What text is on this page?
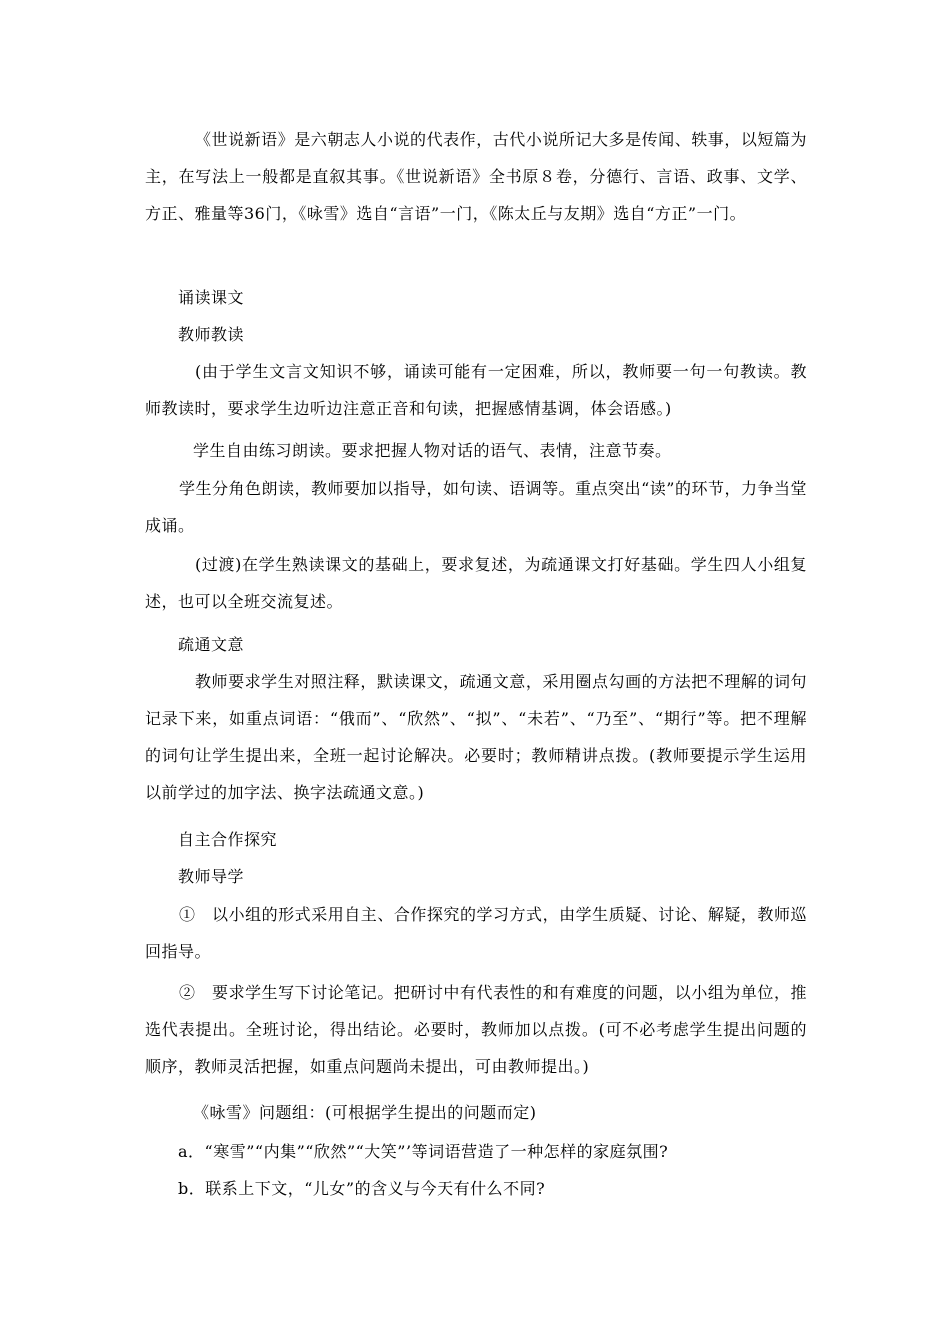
《世说新语》是六朝志人小说的代表作，古代小说所记大多是传闻、轶事，以短篇为主，在写法上一般都是直叙其事。《世说新语》全书原８卷，分德行、言语、政事、文学、方正、雅量等36门，《咏雪》选自“言语”一门，《陈太丘与友期》选自“方正”一门。

诵读课文

教师教读

(由于学生文言文知识不够，诵读可能有一定困难，所以，教师要一句一句教读。教师教读时，要求学生边听边注意正音和句读，把握感情基调，体会语感。)

学生自由练习朗读。要求把握人物对话的语气、表情，注意节奏。

学生分角色朗读，教师要加以指导，如句读、语调等。重点突出“读”的环节，力争当堂成诵。

(过渡)在学生熟读课文的基础上，要求复述，为疏通课文打好基础。学生四人小组复述，也可以全班交流复述。

疏通文意

教师要求学生对照注释，默读课文，疏通文意，采用圈点勾画的方法把不理解的词句记录下来，如重点词语：“俄而”、“欣然”、“拟”、“未若”、“乃至”、“期行”等。把不理解的词句让学生提出来，全班一起讨论解决。必要时；教师精讲点拨。(教师要提示学生运用以前学过的加字法、换字法疏通文意。)

自主合作探究

教师导学

①　以小组的形式采用自主、合作探究的学习方式，由学生质疑、讨论、解疑，教师巡回指导。

②　要求学生写下讨论笔记。把研讨中有代表性的和有难度的问题，以小组为单位，推选代表提出。全班讨论，得出结论。必要时，教师加以点拨。(可不必考虑学生提出问题的顺序，教师灵活把握，如重点问题尚未提出，可由教师提出。)

《咏雪》问题组：(可根据学生提出的问题而定)

a．“寒雪”“内集”“欣然”“大笑”’等词语营造了一种怎样的家庭氛围?

b．联系上下文，“儿女”的含义与今天有什么不同?
